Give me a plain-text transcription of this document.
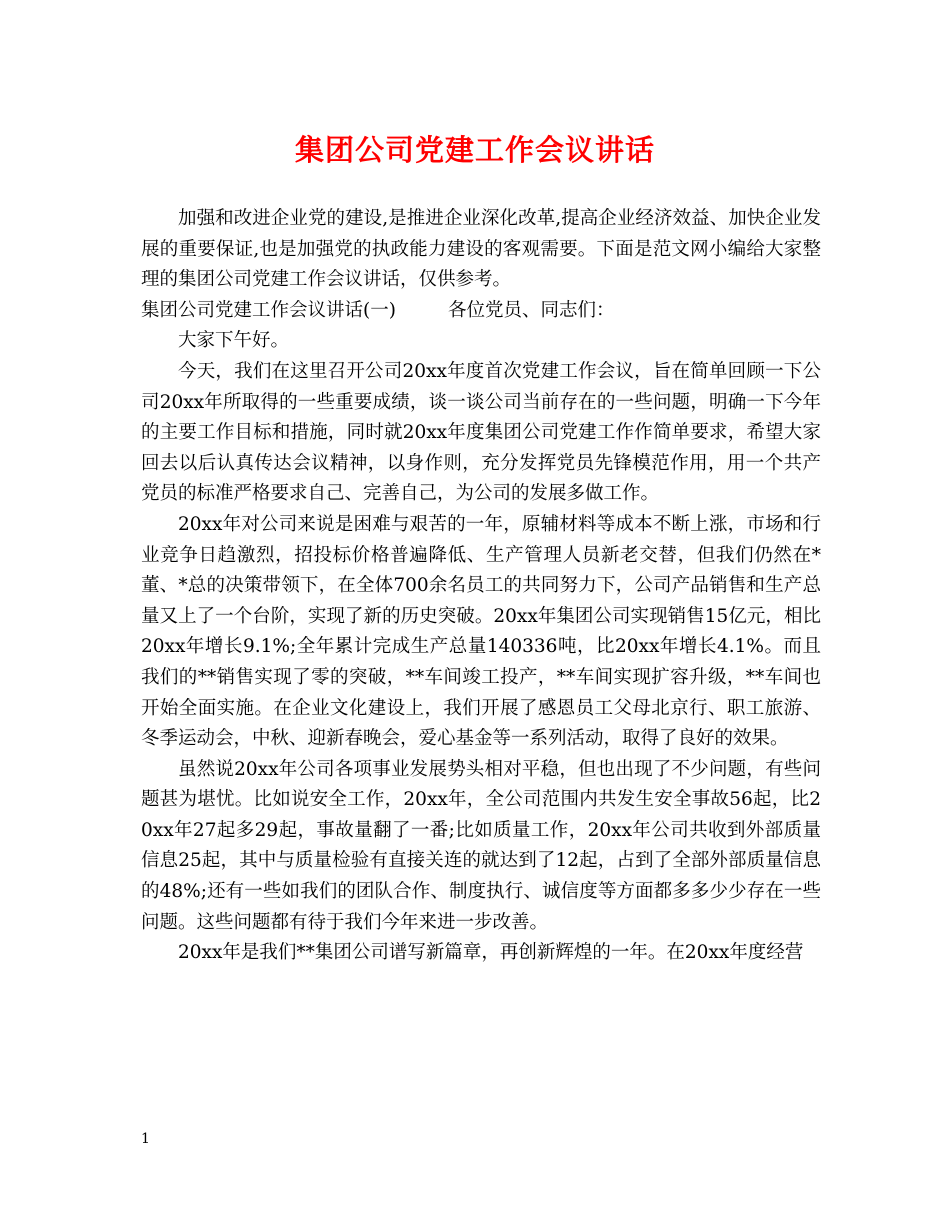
集团公司党建工作会议讲话

加强和改进企业党的建设,是推进企业深化改革,提高企业经济效益、加快企业发展的重要保证,也是加强党的执政能力建设的客观需要。下面是范文网小编给大家整理的集团公司党建工作会议讲话，仅供参考。

集团公司党建工作会议讲话(一)	各位党员、同志们：

大家下午好。

今天，我们在这里召开公司20xx年度首次党建工作会议，旨在简单回顾一下公司20xx年所取得的一些重要成绩，谈一谈公司当前存在的一些问题，明确一下今年的主要工作目标和措施，同时就20xx年度集团公司党建工作作简单要求，希望大家回去以后认真传达会议精神，以身作则，充分发挥党员先锋模范作用，用一个共产党员的标准严格要求自己、完善自己，为公司的发展多做工作。

20xx年对公司来说是困难与艰苦的一年，原辅材料等成本不断上涨，市场和行业竞争日趋激烈，招投标价格普遍降低、生产管理人员新老交替，但我们仍然在*董、*总的决策带领下，在全体700余名员工的共同努力下，公司产品销售和生产总量又上了一个台阶，实现了新的历史突破。20xx年集团公司实现销售15亿元，相比20xx年增长9.1%;全年累计完成生产总量140336吨，比20xx年增长4.1%。而且我们的**销售实现了零的突破，**车间竣工投产，**车间实现扩容升级，**车间也开始全面实施。在企业文化建设上，我们开展了感恩员工父母北京行、职工旅游、冬季运动会，中秋、迎新春晚会，爱心基金等一系列活动，取得了良好的效果。

虽然说20xx年公司各项事业发展势头相对平稳，但也出现了不少问题，有些问题甚为堪忧。比如说安全工作，20xx年，全公司范围内共发生安全事故56起，比20xx年27起多29起，事故量翻了一番;比如质量工作，20xx年公司共收到外部质量信息25起，其中与质量检验有直接关连的就达到了12起，占到了全部外部质量信息的48%;还有一些如我们的团队合作、制度执行、诚信度等方面都多多少少存在一些问题。这些问题都有待于我们今年来进一步改善。

20xx年是我们**集团公司谱写新篇章，再创新辉煌的一年。在20xx年度经营

1
